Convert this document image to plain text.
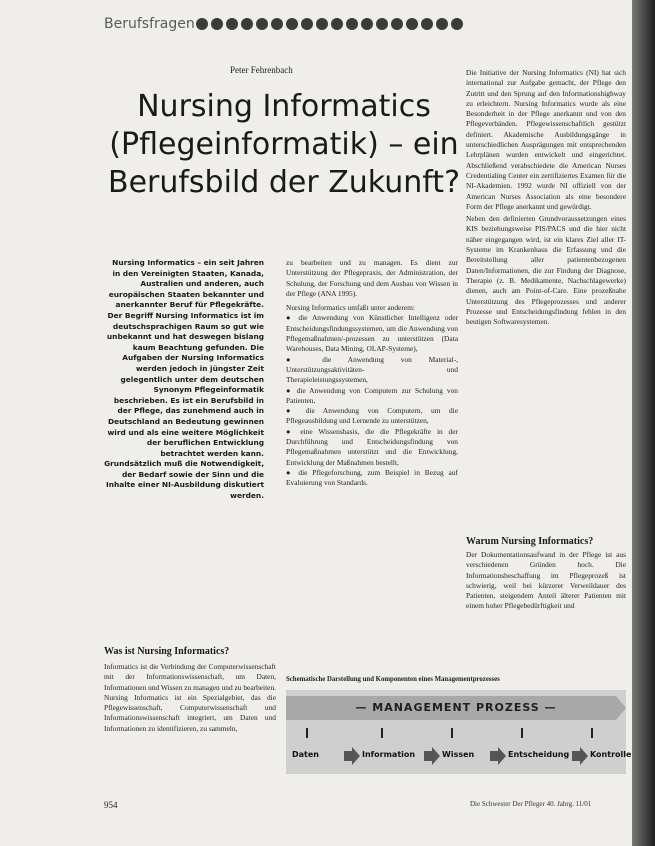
Berufsfragen
Peter Fehrenbach
Nursing Informatics
(Pflegeinformatik) – ein
Berufsbild der Zukunft?
Nursing Informatics – ein seit Jahren in den Vereinigten Staaten, Kanada, Australien und anderen, auch europäischen Staaten bekannter und anerkannter Beruf für Pflegekräfte. Der Begriff Nursing Informatics ist im deutschsprachigen Raum so gut wie unbekannt und hat deswegen bislang kaum Beachtung gefunden. Die Aufgaben der Nursing Informatics werden jedoch in jüngster Zeit gelegentlich unter dem deutschen Synonym Pflegeinformatik beschrieben. Es ist ein Berufsbild in der Pflege, das zunehmend auch in Deutschland an Bedeutung gewinnen wird und als eine weitere Möglichkeit der beruflichen Entwicklung betrachtet werden kann. Grundsätzlich muß die Notwendigkeit, der Bedarf sowie der Sinn und die Inhalte einer NI-Ausbildung diskutiert werden.

zu bearbeiten und zu managen. Es dient zur Unterstützung der Pflegepraxis, der Administration, der Schulung, der Forschung und dem Ausbau von Wissen in der Pflege (ANA 1995).

Nursing Informatics umfaßt unter anderem:

● die Anwendung von Künstlicher Intelligenz oder Entscheidungsfindungssystemen, um die Anwendung von Pflegemaßnahmen/-prozessen zu unterstützen (Data Warehouses, Data Mining, OLAP-Systeme),

● die Anwendung von Material-, Unterstützungsaktivitäten- und Therapieleistungssystemen,

● die Anwendung von Computern zur Schulung von Patienten,

● die Anwendung von Computern, um die Pflegeausbildung und Lernende zu unterstützen,

● eine Wissensbasis, die die Pflegekräfte in der Durchführung und Entscheidungsfindung von Pflegemaßnahmen unterstützt und die Entwicklung, Entwicklung der Maßnahmen bestellt,

● die Pflegeforschung, zum Beispiel in Bezug auf Evaluierung von Standards.

Was ist Nursing Informatics?
Informatics ist die Verbindung der Computerwissenschaft mit der Informationswissenschaft, um Daten, Informationen und Wissen zu managen und zu bearbeiten. Nursing Informatics ist ein Spezialgebiet, das die Pflegewissenschaft, Computerwissenschaft und Informationswissenschaft integriert, um Daten und Informationen zu identifizieren, zu sammeln,

Die Initiative der Nursing Informatics (NI) hat sich international zur Aufgabe gemacht, der Pflege den Zutritt und den Sprung auf den Informationshighway zu erleichtern. Nursing Informatics wurde als eine Besonderheit in der Pflege anerkannt und von den Pflegeverbänden. Pflegewissenschaftlich gestützt definiert. Akademische Ausbildungsgänge in unterschiedlichen Ausprägungen mit entsprechenden Lehrplänen wurden entwickelt und eingerichtet. Abschließend verabschiedete die American Nurses Credentialing Center ein zertifiziertes Examen für die NI-Akademien. 1992 wurde NI offiziell von der American Nurses Association als eine besondere Form der Pflege anerkannt und gewürdigt.

Neben den definierten Grundvoraussetzungen eines KIS beziehungsweise PIS/PACS und die hier nicht näher eingegangen wird, ist ein klares Ziel aller IT-Systeme im Krankenhaus die Erfassung und die Bereitstellung aller patientenbezogenen Daten/Informationen, die zur Findung der Diagnose, Therapie (z. B. Medikamente, Nachschlagewerke) dienen, auch am Point-of-Care. Eine prozeßnahe Unterstützung des Pflegeprozesses und anderer Prozesse und Entscheidungsfindung fehlen in den heutigen Softwaresystemen.

Warum Nursing Informatics?
Der Dokumentationsaufwand in der Pflege ist aus verschiedenen Gründen hoch. Die Informationsbeschaffung im Pflegeprozeß ist schwierig, weil bei kürzerer Verweildauer des Patienten, steigendem Anteil älterer Patienten mit einem hoher Pflegebedürftigkeit und
Schematische Darstellung und Komponenten eines Managementprozesses
— MANAGEMENT PROZESS —
Daten	Information	Wissen	Entscheidung	Kontrolle
954	Die Schwester Der Pfleger 40. Jahrg. 11/01
